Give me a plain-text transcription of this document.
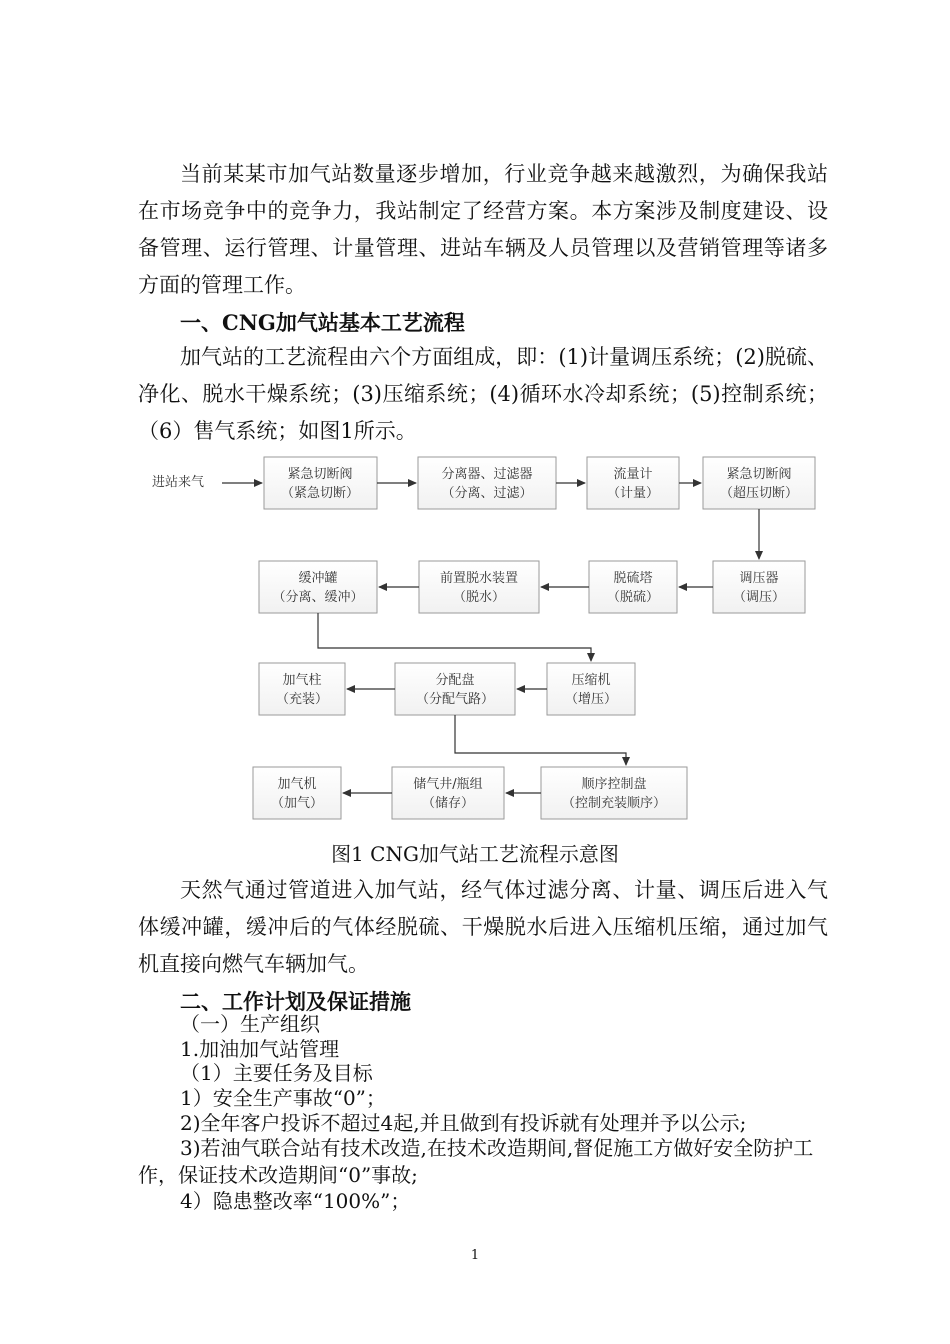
当前某某市加气站数量逐步增加，行业竞争越来越激烈，为确保我站在市场竞争中的竞争力，我站制定了经营方案。本方案涉及制度建设、设备管理、运行管理、计量管理、进站车辆及人员管理以及营销管理等诸多方面的管理工作。

一、CNG加气站基本工艺流程

加气站的工艺流程由六个方面组成，即：(1)计量调压系统；(2)脱硫、净化、脱水干燥系统；(3)压缩系统；(4)循环水冷却系统；(5)控制系统； （6）售气系统；如图1所示。

进站来气
紧急切断阀
（紧急切断）
分离器、过滤器
（分离、过滤）
流量计
（计量）
紧急切断阀
（超压切断）
调压器
（调压）
脱硫塔
（脱硫）
前置脱水装置
（脱水）
缓冲罐
（分离、缓冲）
压缩机
（增压）
分配盘
（分配气路）
加气柱
（充装）
顺序控制盘
（控制充装顺序）
储气井/瓶组
（储存）
加气机
（加气）

图1 CNG加气站工艺流程示意图

天然气通过管道进入加气站，经气体过滤分离、计量、调压后进入气体缓冲罐，缓冲后的气体经脱硫、干燥脱水后进入压缩机压缩，通过加气机直接向燃气车辆加气。

二、工作计划及保证措施

（一）生产组织

1.加油加气站管理

（1）主要任务及目标

1）安全生产事故“0”；

2)全年客户投诉不超过4起,并且做到有投诉就有处理并予以公示;

3)若油气联合站有技术改造,在技术改造期间,督促施工方做好安全防护工作，保证技术改造期间“0”事故;

4）隐患整改率“100%”；

1
